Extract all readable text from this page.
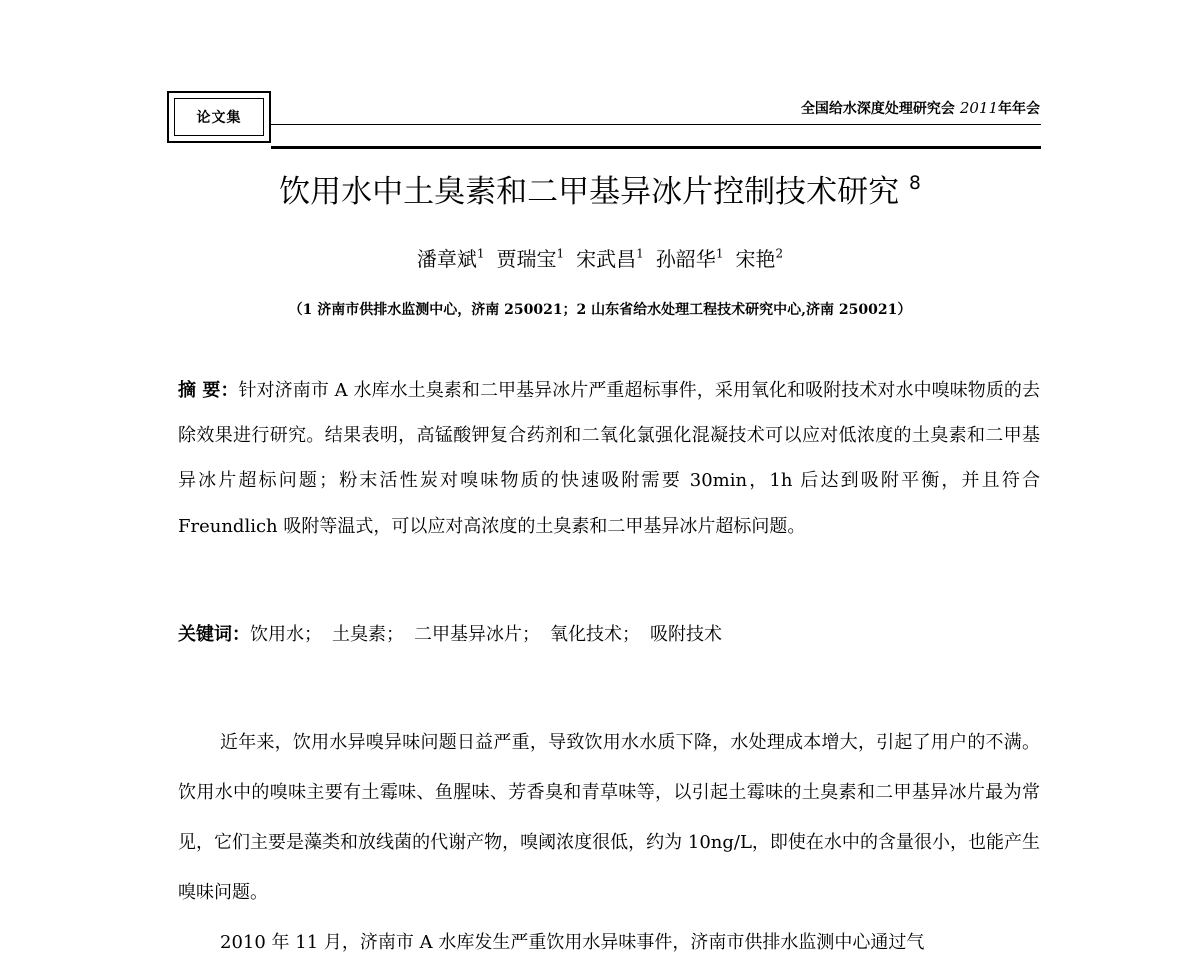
论文集
全国给水深度处理研究会 2011年年会
饮用水中土臭素和二甲基异冰片控制技术研究 $^8$
潘章斌$^1$ 贾瑞宝$^1$ 宋武昌$^1$ 孙韶华$^1$ 宋艳$^2$
（1 济南市供排水监测中心，济南 250021；2 山东省给水处理工程技术研究中心,济南 250021）
摘 要：针对济南市 A 水库水土臭素和二甲基异冰片严重超标事件，采用氧化和吸附技术对水中嗅味物质的去除效果进行研究。结果表明，高锰酸钾复合药剂和二氧化氯强化混凝技术可以应对低浓度的土臭素和二甲基异冰片超标问题；粉末活性炭对嗅味物质的快速吸附需要 30min，1h 后达到吸附平衡，并且符合 Freundlich 吸附等温式，可以应对高浓度的土臭素和二甲基异冰片超标问题。
关键词：饮用水； 土臭素； 二甲基异冰片； 氧化技术； 吸附技术

近年来，饮用水异嗅异味问题日益严重，导致饮用水水质下降，水处理成本增大，引起了用户的不满。饮用水中的嗅味主要有土霉味、鱼腥味、芳香臭和青草味等，以引起土霉味的土臭素和二甲基异冰片最为常见，它们主要是藻类和放线菌的代谢产物，嗅阈浓度很低，约为 10ng/L，即使在水中的含量很小，也能产生嗅味问题。

2010 年 11 月，济南市 A 水库发生严重饮用水异味事件，济南市供排水监测中心通过气
